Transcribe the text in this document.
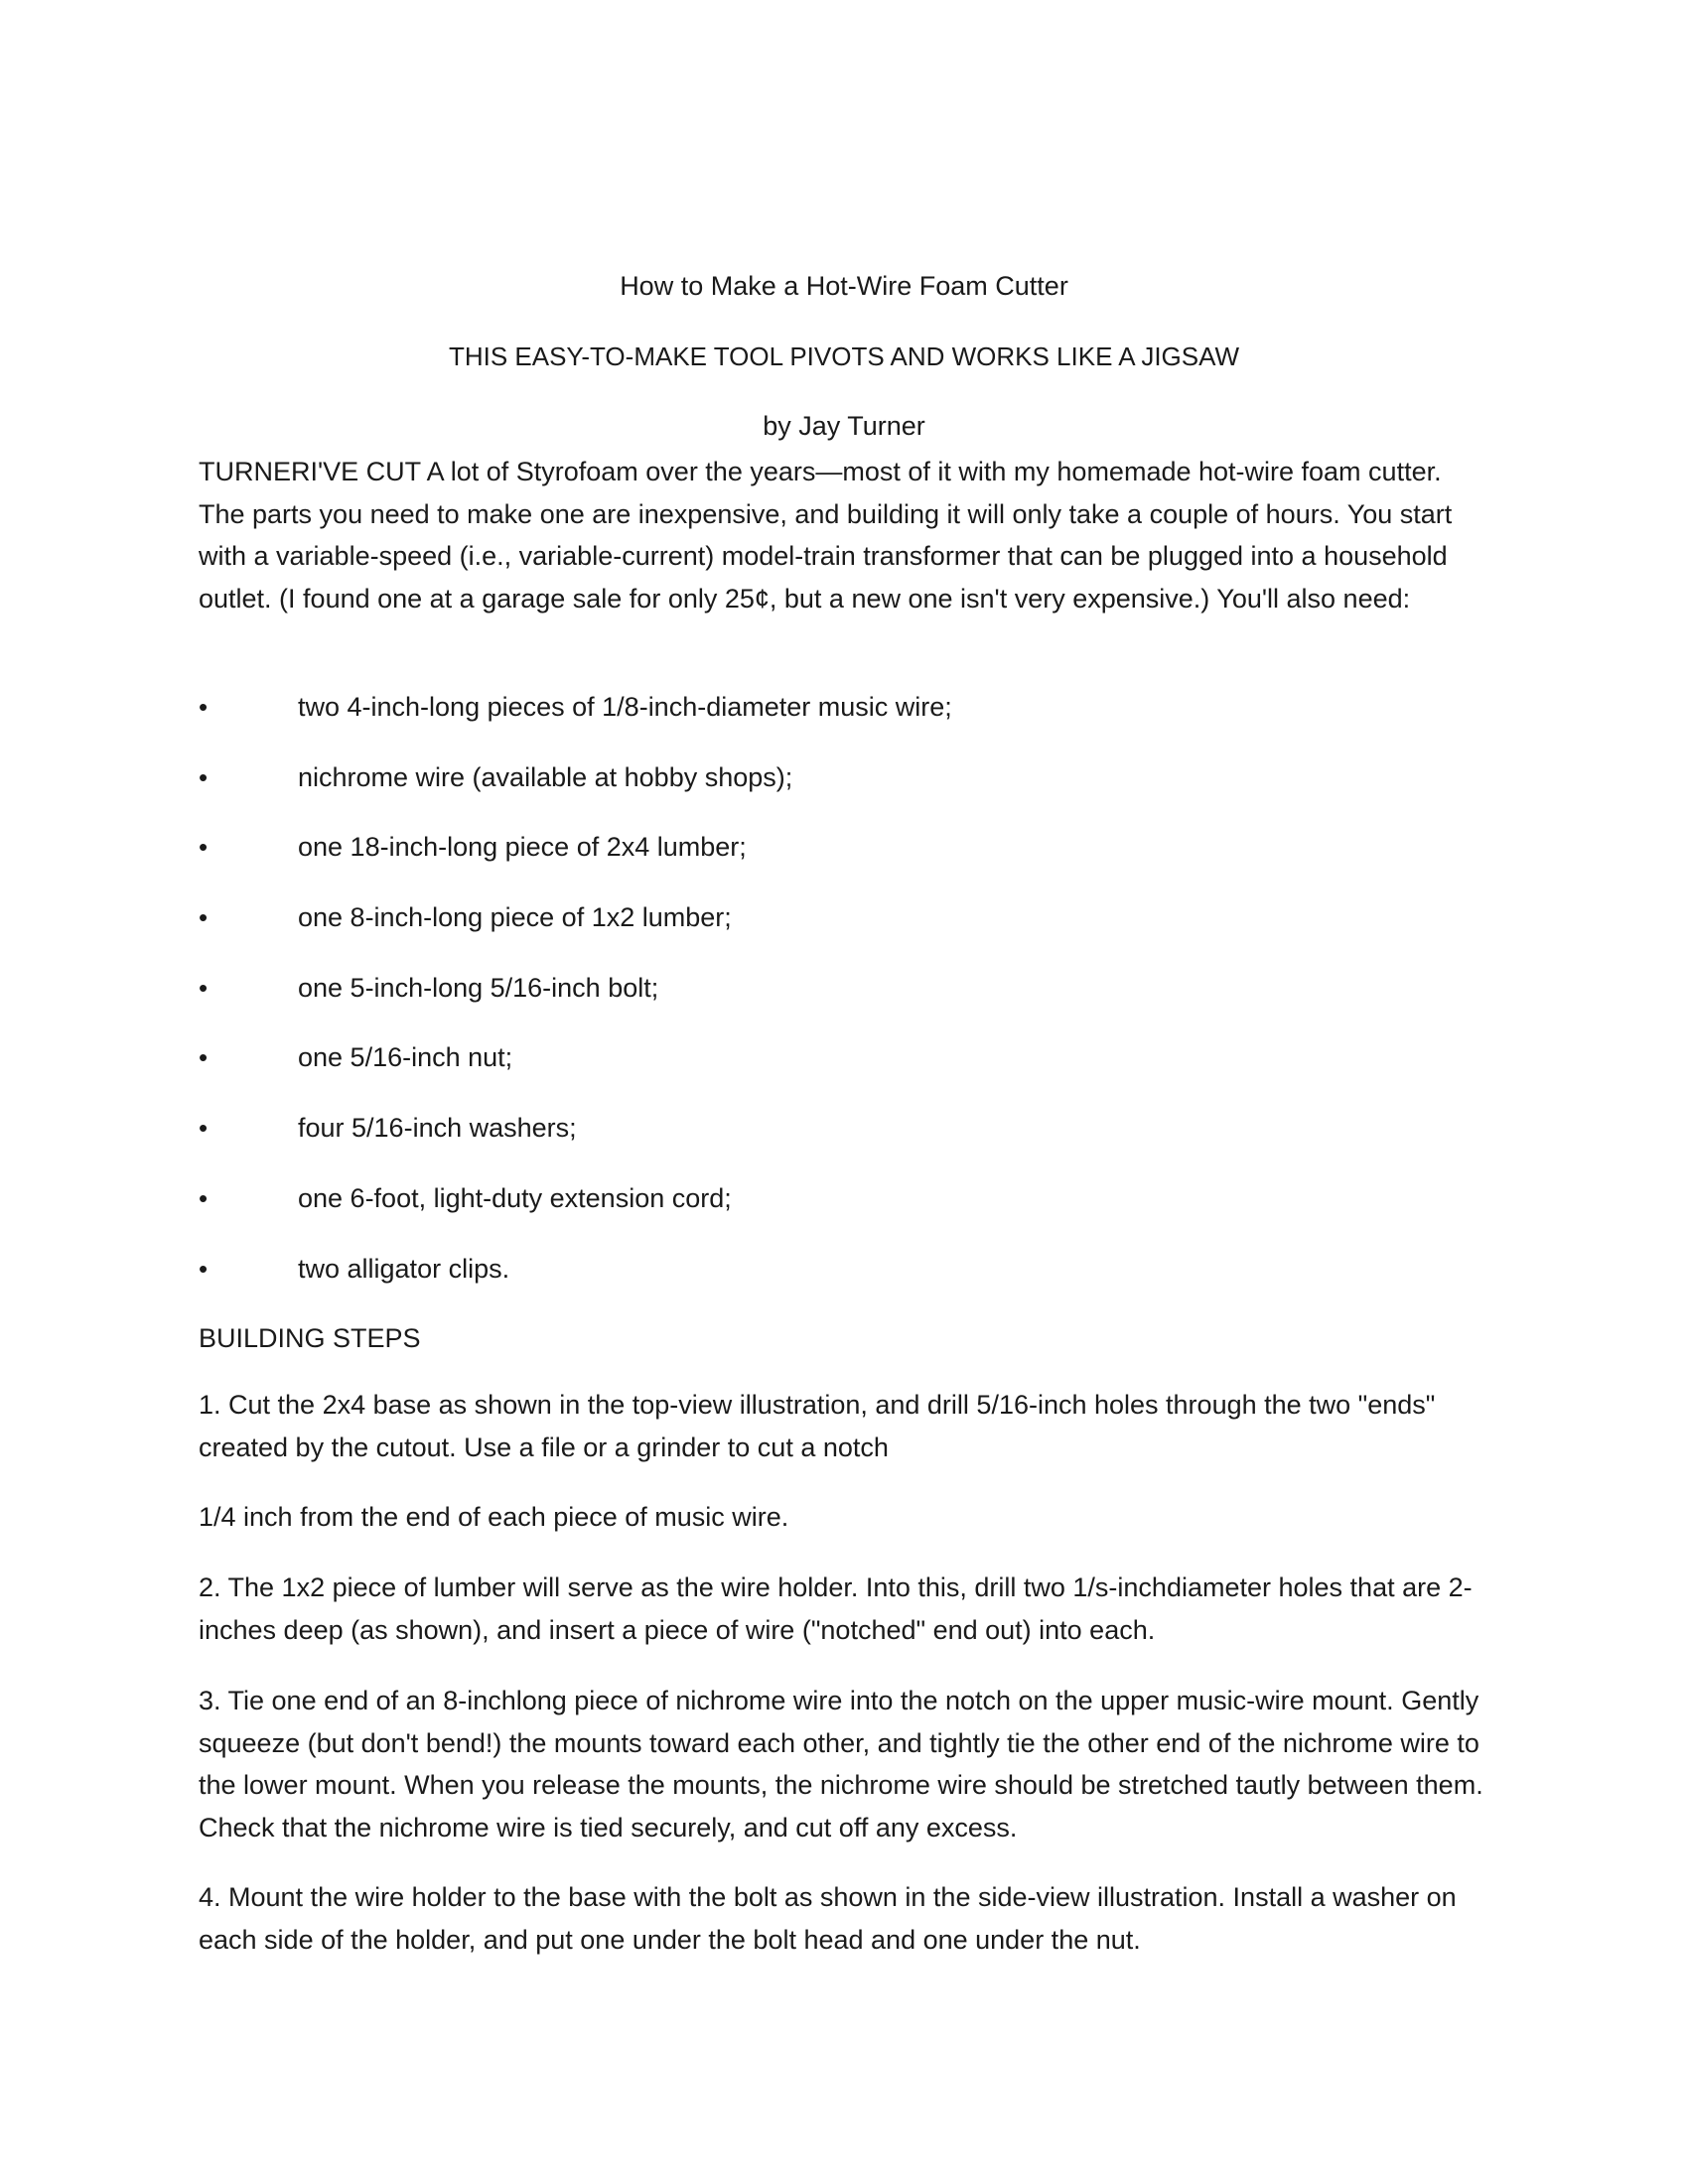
How to Make a Hot-Wire Foam Cutter
THIS EASY-TO-MAKE TOOL PIVOTS AND WORKS LIKE A JIGSAW
by Jay Turner

TURNERI'VE CUT A lot of Styrofoam over the years—most of it with my homemade hot-wire foam cutter. The parts you need to make one are inexpensive, and building it will only take a couple of hours. You start with a variable-speed (i.e., variable-current) model-train transformer that can be plugged into a household outlet. (I found one at a garage sale for only 25¢, but a new one isn't very expensive.) You'll also need:

•	two 4-inch-long pieces of 1/8-inch-diameter music wire;
•	nichrome wire (available at hobby shops);
•	one 18-inch-long piece of 2x4 lumber;
•	one 8-inch-long piece of 1x2 lumber;
•	one 5-inch-long 5/16-inch bolt;
•	one 5/16-inch nut;
•	four 5/16-inch washers;
•	one 6-foot, light-duty extension cord;
•	two alligator clips.
BUILDING STEPS

1. Cut the 2x4 base as shown in the top-view illustration, and drill 5/16-inch holes through the two "ends" created by the cutout. Use a file or a grinder to cut a notch

1/4 inch from the end of each piece of music wire.

2. The 1x2 piece of lumber will serve as the wire holder. Into this, drill two 1/s-inchdiameter holes that are 2-inches deep (as shown), and insert a piece of wire ("notched" end out) into each.

3. Tie one end of an 8-inchlong piece of nichrome wire into the notch on the upper music-wire mount. Gently squeeze (but don't bend!) the mounts toward each other, and tightly tie the other end of the nichrome wire to the lower mount. When you release the mounts, the nichrome wire should be stretched tautly between them. Check that the nichrome wire is tied securely, and cut off any excess.

4. Mount the wire holder to the base with the bolt as shown in the side-view illustration. Install a washer on each side of the holder, and put one under the bolt head and one under the nut.
